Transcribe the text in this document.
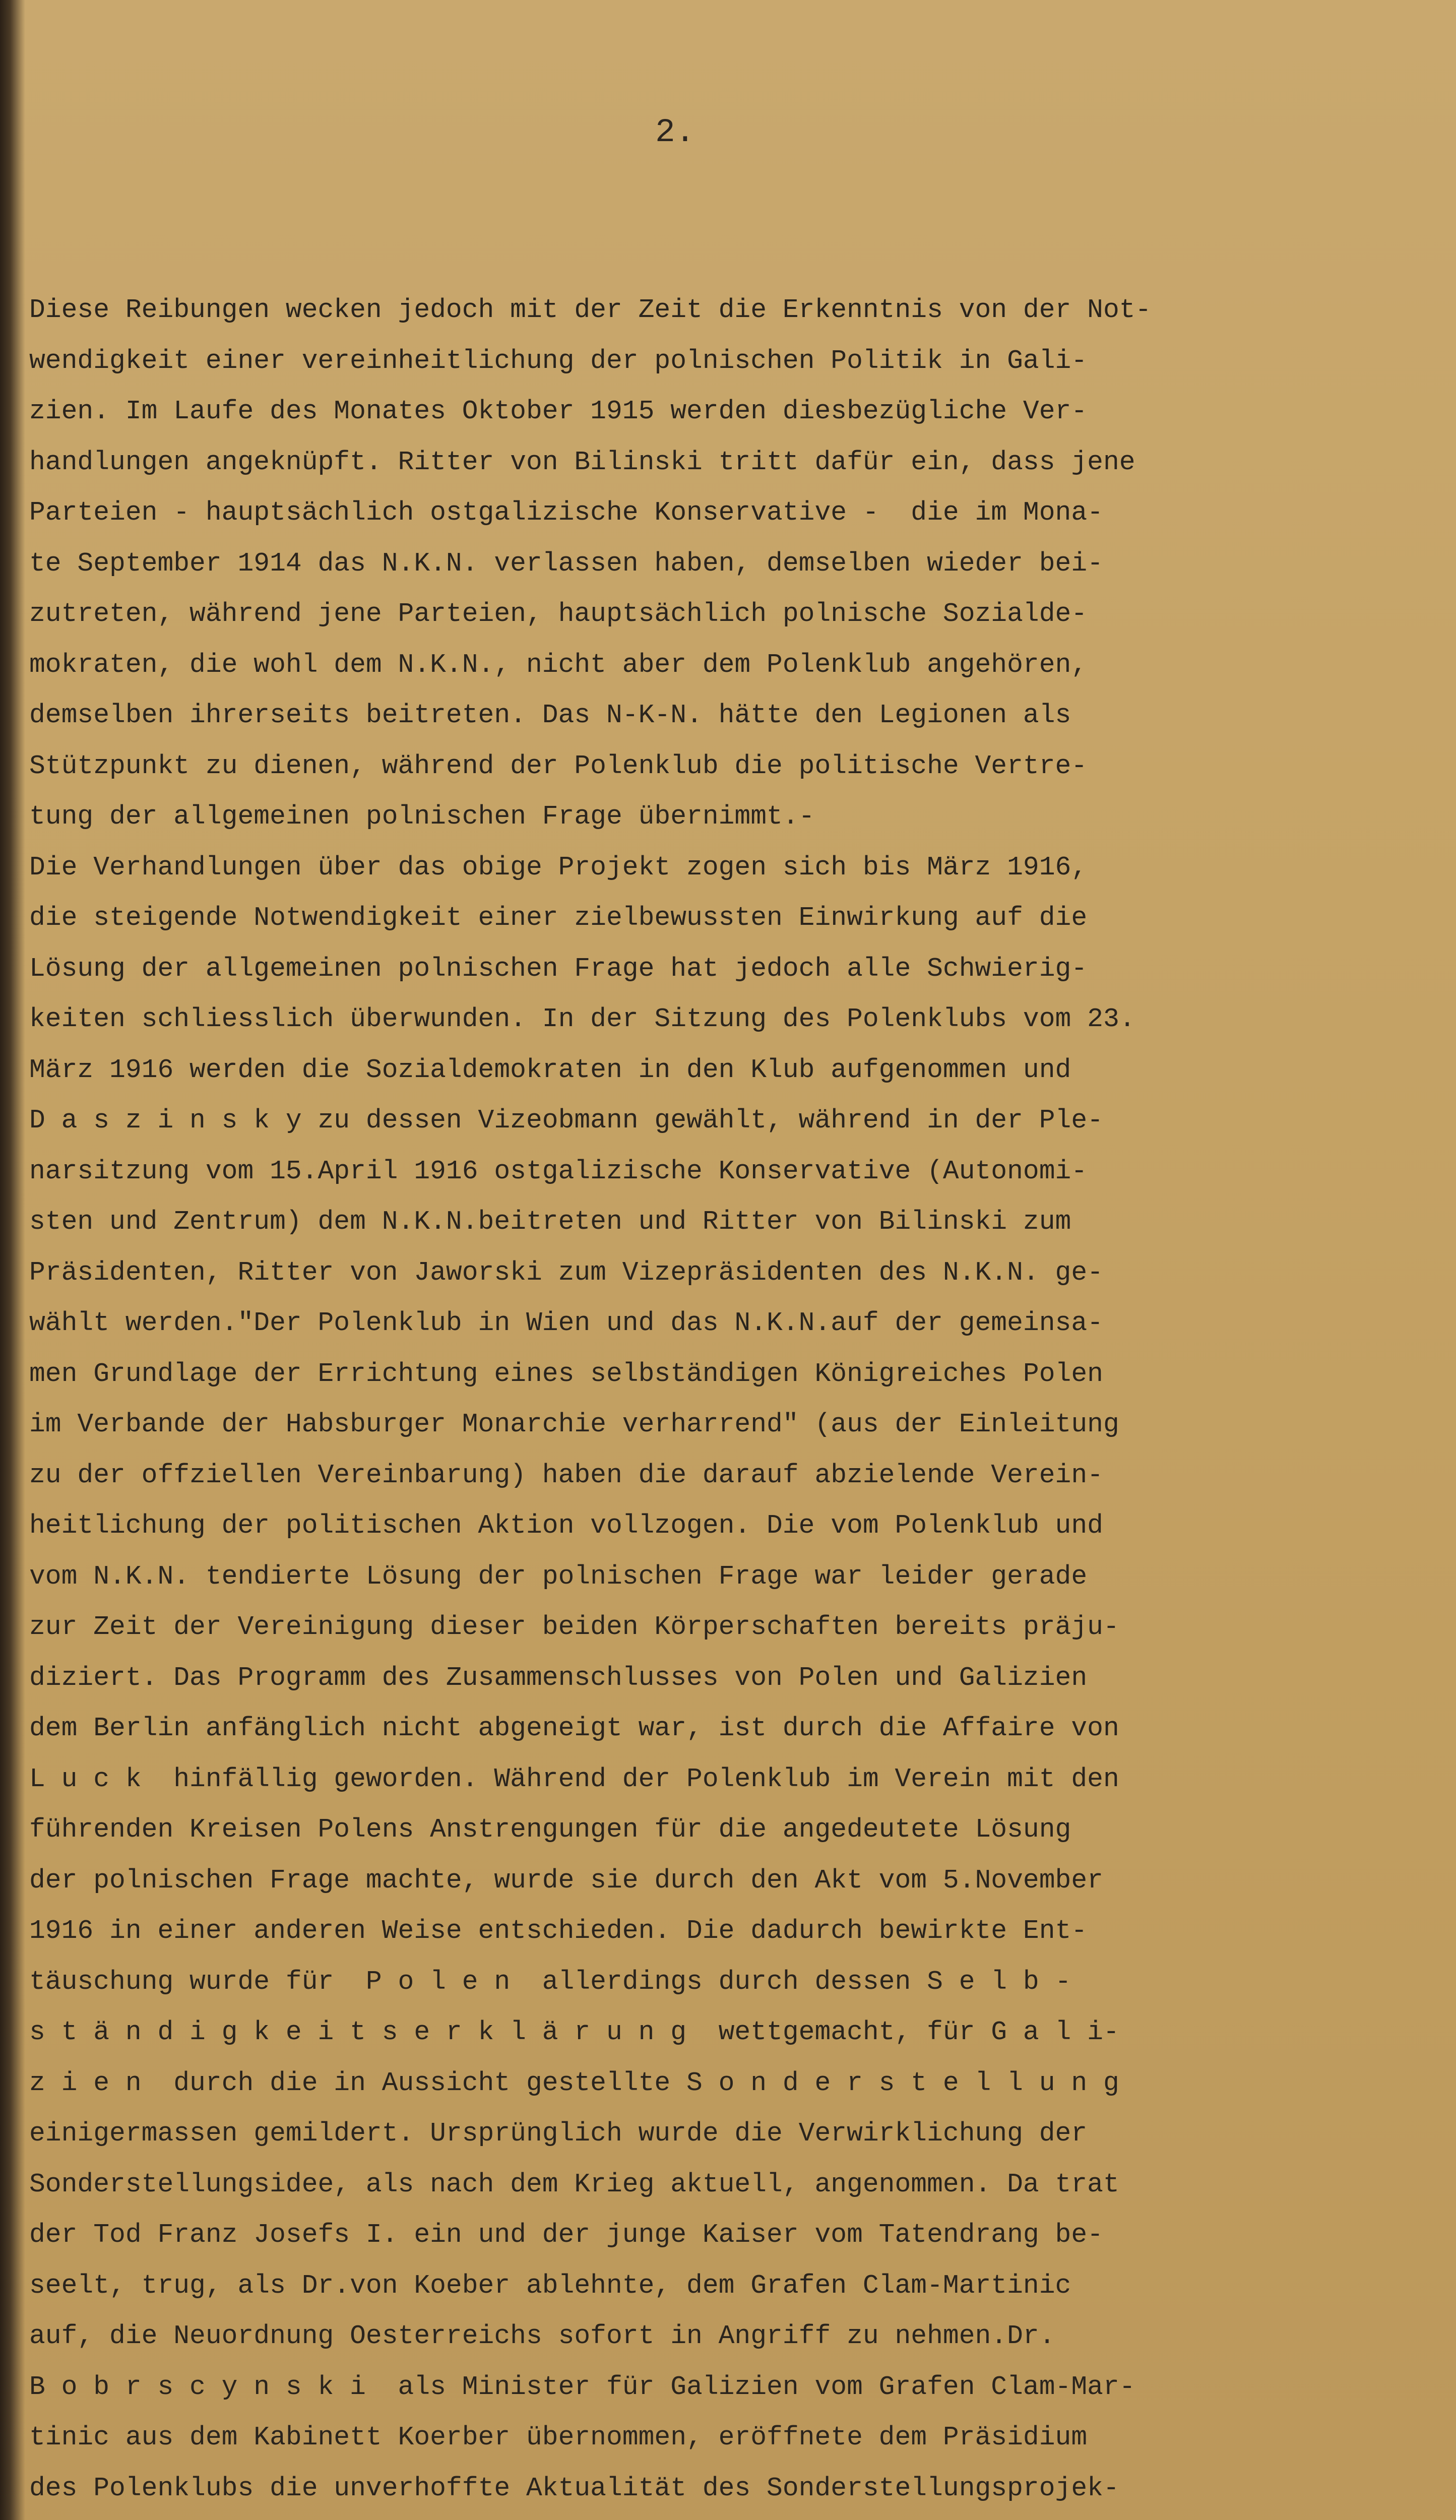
2.
Diese Reibungen wecken jedoch mit der Zeit die Erkenntnis von der Not-
wendigkeit einer vereinheitlichung der polnischen Politik in Gali-
zien. Im Laufe des Monates Oktober 1915 werden diesbezügliche Ver-
handlungen angeknüpft. Ritter von Bilinski tritt dafür ein, dass jene
Parteien - hauptsächlich ostgalizische Konservative -  die im Mona-
te September 1914 das N.K.N. verlassen haben, demselben wieder bei-
zutreten, während jene Parteien, hauptsächlich polnische Sozialde-
mokraten, die wohl dem N.K.N., nicht aber dem Polenklub angehören,
demselben ihrerseits beitreten. Das N-K-N. hätte den Legionen als
Stützpunkt zu dienen, während der Polenklub die politische Vertre-
tung der allgemeinen polnischen Frage übernimmt.-
Die Verhandlungen über das obige Projekt zogen sich bis März 1916,
die steigende Notwendigkeit einer zielbewussten Einwirkung auf die
Lösung der allgemeinen polnischen Frage hat jedoch alle Schwierig-
keiten schliesslich überwunden. In der Sitzung des Polenklubs vom 23.
März 1916 werden die Sozialdemokraten in den Klub aufgenommen und
D a s z i n s k y zu dessen Vizeobmann gewählt, während in der Ple-
narsitzung vom 15.April 1916 ostgalizische Konservative (Autonomi-
sten und Zentrum) dem N.K.N.beitreten und Ritter von Bilinski zum
Präsidenten, Ritter von Jaworski zum Vizepräsidenten des N.K.N. ge-
wählt werden."Der Polenklub in Wien und das N.K.N.auf der gemeinsa-
men Grundlage der Errichtung eines selbständigen Königreiches Polen
im Verbande der Habsburger Monarchie verharrend" (aus der Einleitung
zu der offziellen Vereinbarung) haben die darauf abzielende Verein-
heitlichung der politischen Aktion vollzogen. Die vom Polenklub und
vom N.K.N. tendierte Lösung der polnischen Frage war leider gerade
zur Zeit der Vereinigung dieser beiden Körperschaften bereits präju-
diziert. Das Programm des Zusammenschlusses von Polen und Galizien
dem Berlin anfänglich nicht abgeneigt war, ist durch die Affaire von
L u c k  hinfällig geworden. Während der Polenklub im Verein mit den
führenden Kreisen Polens Anstrengungen für die angedeutete Lösung
der polnischen Frage machte, wurde sie durch den Akt vom 5.November
1916 in einer anderen Weise entschieden. Die dadurch bewirkte Ent-
täuschung wurde für  P o l e n  allerdings durch dessen S e l b -
s t ä n d i g k e i t s e r k l ä r u n g  wettgemacht, für G a l i-
z i e n  durch die in Aussicht gestellte S o n d e r s t e l l u n g
einigermassen gemildert. Ursprünglich wurde die Verwirklichung der
Sonderstellungsidee, als nach dem Krieg aktuell, angenommen. Da trat
der Tod Franz Josefs I. ein und der junge Kaiser vom Tatendrang be-
seelt, trug, als Dr.von Koeber ablehnte, dem Grafen Clam-Martinic
auf, die Neuordnung Oesterreichs sofort in Angriff zu nehmen.Dr.
B o b r s c y n s k i  als Minister für Galizien vom Grafen Clam-Mar-
tinic aus dem Kabinett Koerber übernommen, eröffnete dem Präsidium
des Polenklubs die unverhoffte Aktualität des Sonderstellungsprojek-
